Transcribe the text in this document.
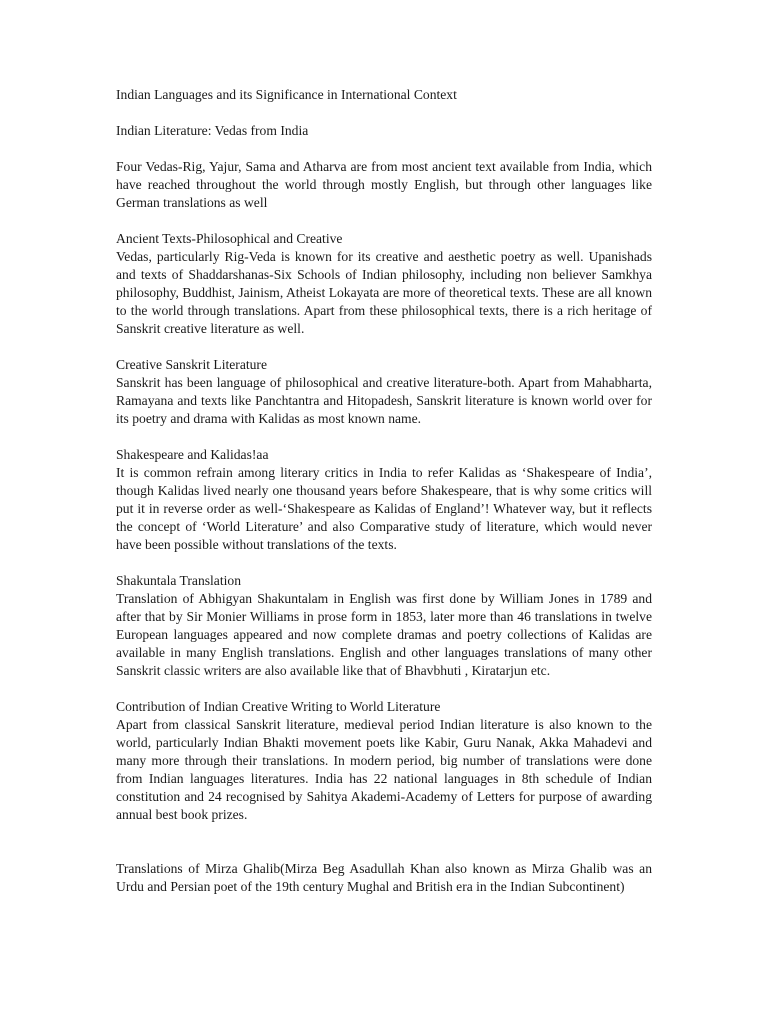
Indian Languages and its Significance in International Context

Indian Literature: Vedas from India

Four Vedas-Rig, Yajur, Sama and Atharva are from most ancient text available from India, which have reached throughout the world through mostly English, but through other languages like German translations as well

Ancient Texts-Philosophical and Creative

Vedas, particularly Rig-Veda is known for its creative and aesthetic poetry as well. Upanishads and texts of Shaddarshanas-Six Schools of Indian philosophy, including non believer Samkhya philosophy, Buddhist, Jainism, Atheist Lokayata are more of theoretical texts. These are all known to the world through translations. Apart from these philosophical texts, there is a rich heritage of Sanskrit creative literature as well.

Creative Sanskrit Literature

Sanskrit has been language of philosophical and creative literature-both. Apart from Mahabharta, Ramayana and texts like Panchtantra and Hitopadesh, Sanskrit literature is known world over for its poetry and drama with Kalidas as most known name.

Shakespeare and Kalidas!aa

It is common refrain among literary critics in India to refer Kalidas as ‘Shakespeare of India’, though Kalidas lived nearly one thousand years before Shakespeare, that is why some critics will put it in reverse order as well-‘Shakespeare as Kalidas of England’! Whatever way, but it reflects the concept of ‘World Literature’ and also Comparative study of literature, which would never have been possible without translations of the texts.

Shakuntala Translation

Translation of Abhigyan Shakuntalam in English was first done by William Jones in 1789 and after that by Sir Monier Williams in prose form in 1853, later more than 46 translations in twelve European languages appeared and now complete dramas and poetry collections of Kalidas are available in many English translations. English and other languages translations of many other Sanskrit classic writers are also available like that of Bhavbhuti , Kiratarjun etc.

Contribution of Indian Creative Writing to World Literature

Apart from classical Sanskrit literature, medieval period Indian literature is also known to the world, particularly Indian Bhakti movement poets like Kabir, Guru Nanak, Akka Mahadevi and many more through their translations. In modern period, big number of translations were done from Indian languages literatures. India has 22 national languages in 8th schedule of Indian constitution and 24 recognised by Sahitya Akademi-Academy of Letters for purpose of awarding annual best book prizes.

Translations of Mirza Ghalib(Mirza Beg Asadullah Khan also known as Mirza Ghalib was an Urdu and Persian poet of the 19th century Mughal and British era in the Indian Subcontinent)
